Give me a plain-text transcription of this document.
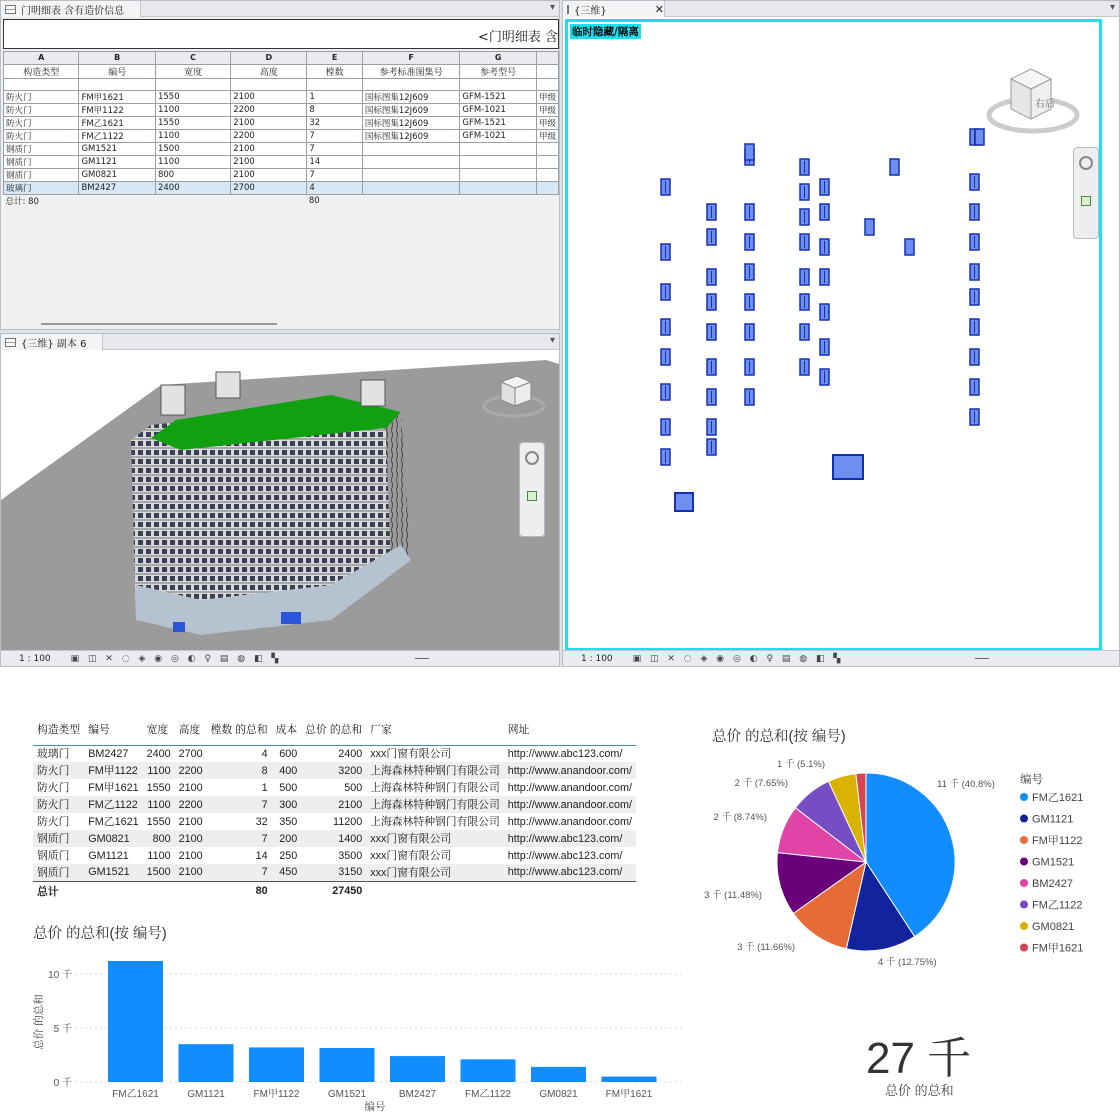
门明细表 含有造价信息	▾
<门明细表 含
A	B	C	D	E	F	G	
构造类型	编号	宽度	高度	樘数	参考标准图集号	参考型号	

防火门	FM甲1621	1550	2100	1	国标图集12J609	GFM-1521	甲级
防火门	FM甲1122	1100	2200	8	国标图集12J609	GFM-1021	甲级
防火门	FM乙1621	1550	2100	32	国标图集12J609	GFM-1521	甲级
防火门	FM乙1122	1100	2200	7	国标图集12J609	GFM-1021	甲级
钢质门	GM1521	1500	2100	7			
钢质门	GM1121	1100	2100	14			
钢质门	GM0821	800	2100	7			
玻璃门	BM2427	2400	2700	4			
总计: 80				80			
{三维} 副本 6	▾
1 : 100 ▣ ◫ ✕ ◌ ◈ ◉ ◎ ◐ ♀ ▤ ◍ ◧ ▚
{三维}	✕	▾
临时隐藏/隔离
右后
1 : 100 ▣ ◫ ✕ ◌ ◈ ◉ ◎ ◐ ♀ ▤ ◍ ◧ ▚
构造类型	编号	宽度	高度	樘数 的总和	成本	总价 的总和	厂家	网址
玻璃门	BM2427	2400	2700	4	600	2400	xxx门窗有限公司	http://www.abc123.com/
防火门	FM甲1122	1100	2200	8	400	3200	上海森林特种钢门有限公司	http://www.anandoor.com/
防火门	FM甲1621	1550	2100	1	500	500	上海森林特种钢门有限公司	http://www.anandoor.com/
防火门	FM乙1122	1100	2200	7	300	2100	上海森林特种钢门有限公司	http://www.anandoor.com/
防火门	FM乙1621	1550	2100	32	350	11200	上海森林特种钢门有限公司	http://www.anandoor.com/
钢质门	GM0821	800	2100	7	200	1400	xxx门窗有限公司	http://www.abc123.com/
钢质门	GM1121	1100	2100	14	250	3500	xxx门窗有限公司	http://www.abc123.com/
钢质门	GM1521	1500	2100	7	450	3150	xxx门窗有限公司	http://www.abc123.com/
总计				80		27450		
总价 的总和(按 编号)
0 千
5 千
10 千
FM乙1621	GM1121	FM甲1122	GM1521	BM2427	FM乙1122	GM0821	FM甲1621
编号
总价 的总和
总价 的总和(按 编号)
11 千 (40.8%)
4 千 (12.75%)
3 千 (11.66%)
3 千 (11.48%)
2 千 (8.74%)
2 千 (7.65%)
1 千 (5.1%)
编号
FM乙1621
GM1121
FM甲1122
GM1521
BM2427
FM乙1122
GM0821
FM甲1621
27 千
总价 的总和
